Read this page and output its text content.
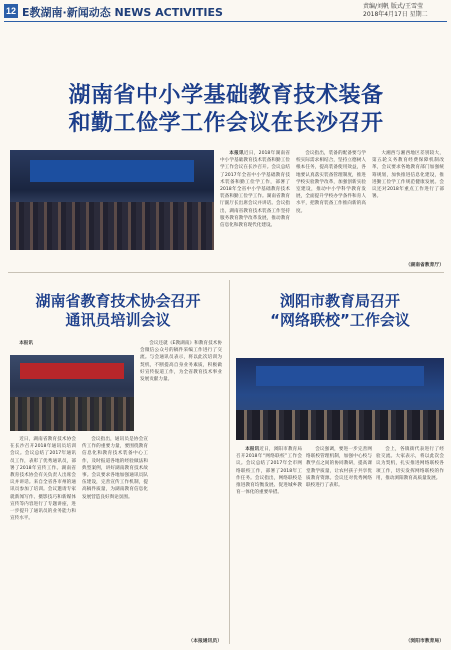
12 E教湖南·新闻动态 NEWS ACTIVITIES	责编/刘帆 版式/王雪莹
2018年4月17日 星期二
湖南省中小学基础教育技术装备
和勤工俭学工作会议在长沙召开

本报讯近日，2018年湖南省中小学基础教育技术装备和勤工俭学工作会议在长沙召开。会议总结了2017年全省中小学基础教育技术装备和勤工俭学工作，部署了2018年全省中小学基础教育技术装备和勤工俭学工作。湖南省教育厅副厅长出席会议并讲话。会议指出，湖南省教育技术装备工作坚持服务教育教学改革发展，推动教育信息化和教育现代化建设。

会议指出，装备的配备要与学校实际需求相结合，坚持立德树人根本任务，提高装备使用效益，各地要认真落实装备管理制度，推进学校实验教学改革，加强创新实验室建设，推动中小学科学教育发展，全面提升学校办学条件和育人水平，把教育装备工作推向新的高度。

大湘西与湘西地区差别较大，第五轮义务教育经费保障机制改革，会议要求各地教育部门加强统筹规划，加快推进信息化建设，推进勤工俭学工作规范健康发展。会议还对2018年重点工作进行了部署。

（湖南省教育厅）
湖南省教育技术协会召开
通讯员培训会议

本报讯

近日，湖南省教育技术协会在长沙召开2018年通讯员培训会议。会议总结了2017年通讯员工作，表彰了优秀通讯员，部署了2018年宣传工作。湖南省教育技术协会有关负责人出席会议并讲话。来自全省各市州的通讯员参加了培训。会议邀请专家就新闻写作、摄影技巧和新媒体宣传等内容进行了专题讲座，进一步提升了通讯员的业务能力和宣传水平。

会议指出，通讯员是协会宣传工作的重要力量，要围绕教育信息化和教育技术装备中心工作，及时报道各地的经验做法和典型案例，讲好湖南教育技术故事。会议要求各地加强通讯员队伍建设，完善宣传工作机制，提高稿件质量，为湖南教育信息化发展营造良好舆论氛围。

会议还就《E教湖南》和教育技术协会微信公众号的稿件采编工作进行了交流。与会通讯员表示，将以此次培训为契机，不断提高自身业务素质，积极做好宣传报道工作，为全省教育技术事业发展贡献力量。

（本报通讯员）
浏阳市教育局召开
“网络联校”工作会议

本报讯近日，浏阳市教育局召开2018年“网络联校”工作会议。会议总结了2017年全市网络联校工作，部署了2018年工作任务。会议指出，网络联校是推进教育均衡发展、促进城乡教育一体化的重要举措。

会议强调，要进一步完善网络联校管理机制，加强中心校与教学点之间的协同教研，提高课堂教学质量，让农村孩子共享优质教育资源。会议还对优秀网络联校进行了表彰。

会上，各镇街代表进行了经验交流。大家表示，将以此次会议为契机，扎实推进网络联校各项工作，切实发挥网络联校的作用，推动浏阳教育高质量发展。

（浏阳市教育局）
